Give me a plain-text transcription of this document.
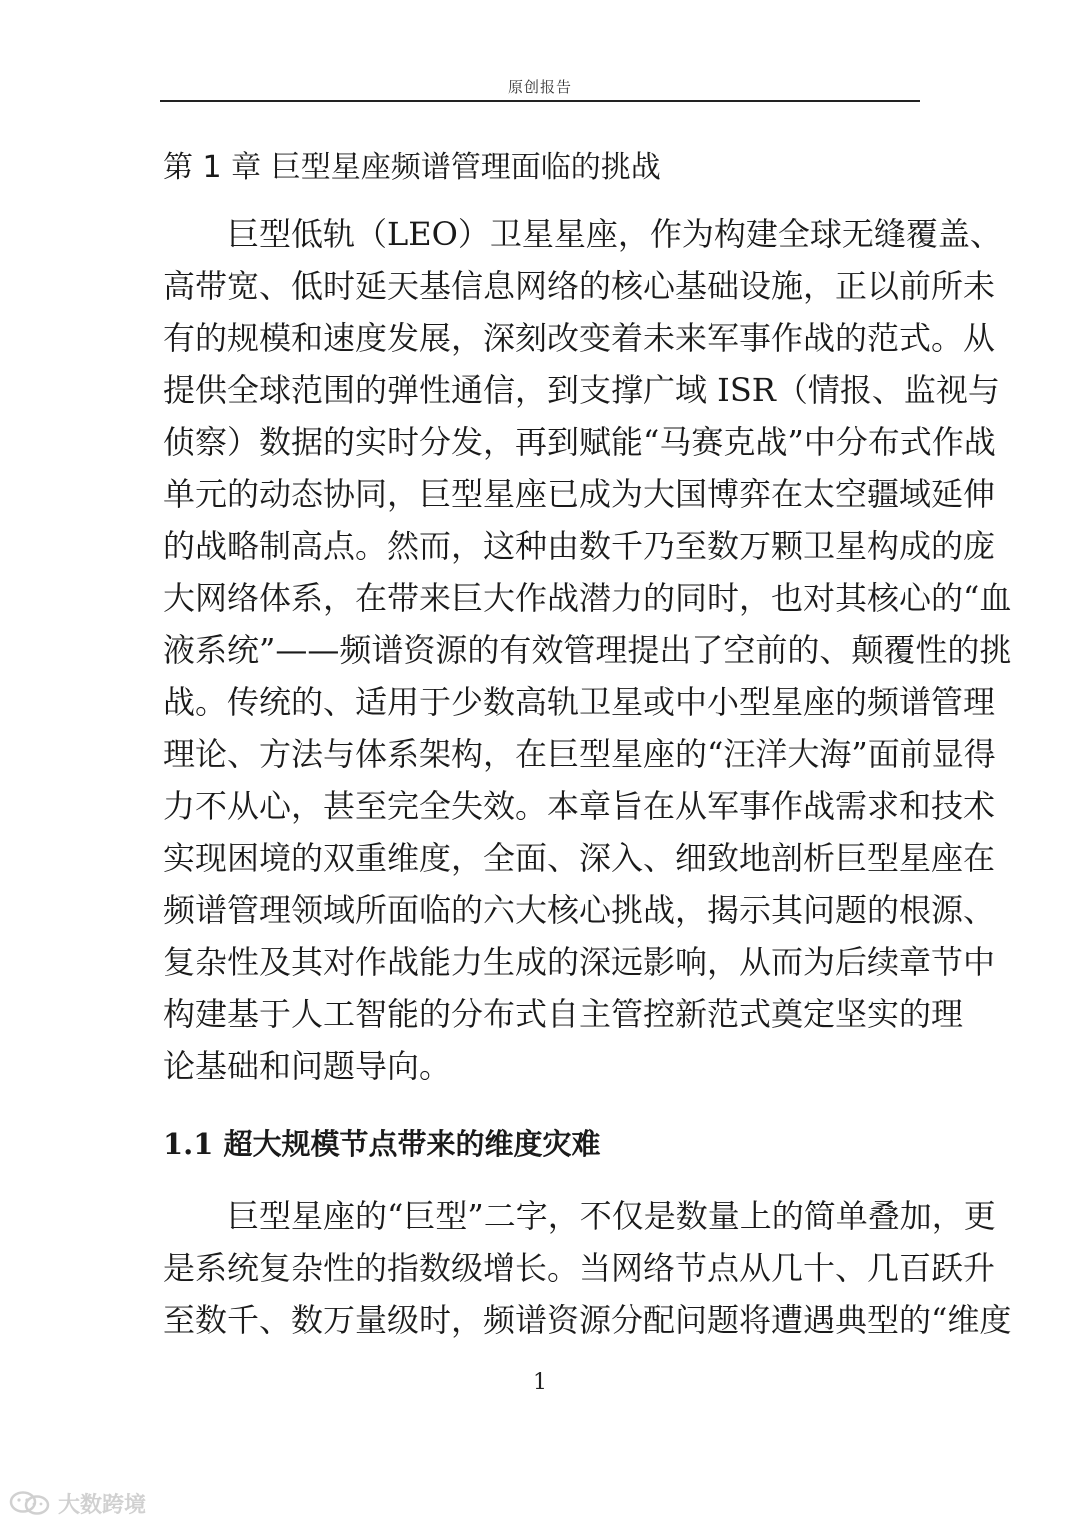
原创报告
第 1 章 巨型星座频谱管理面临的挑战
　　巨型低轨（LEO）卫星星座，作为构建全球无缝覆盖、
高带宽、低时延天基信息网络的核心基础设施，正以前所未
有的规模和速度发展，深刻改变着未来军事作战的范式。从
提供全球范围的弹性通信，到支撑广域 ISR（情报、监视与
侦察）数据的实时分发，再到赋能“马赛克战”中分布式作战
单元的动态协同，巨型星座已成为大国博弈在太空疆域延伸
的战略制高点。然而，这种由数千乃至数万颗卫星构成的庞
大网络体系，在带来巨大作战潜力的同时，也对其核心的“血
液系统”——频谱资源的有效管理提出了空前的、颠覆性的挑
战。传统的、适用于少数高轨卫星或中小型星座的频谱管理
理论、方法与体系架构，在巨型星座的“汪洋大海”面前显得
力不从心，甚至完全失效。本章旨在从军事作战需求和技术
实现困境的双重维度，全面、深入、细致地剖析巨型星座在
频谱管理领域所面临的六大核心挑战，揭示其问题的根源、
复杂性及其对作战能力生成的深远影响，从而为后续章节中
构建基于人工智能的分布式自主管控新范式奠定坚实的理
论基础和问题导向。
1.1 超大规模节点带来的维度灾难
　　巨型星座的“巨型”二字，不仅是数量上的简单叠加，更
是系统复杂性的指数级增长。当网络节点从几十、几百跃升
至数千、数万量级时，频谱资源分配问题将遭遇典型的“维度
1
大数跨境
